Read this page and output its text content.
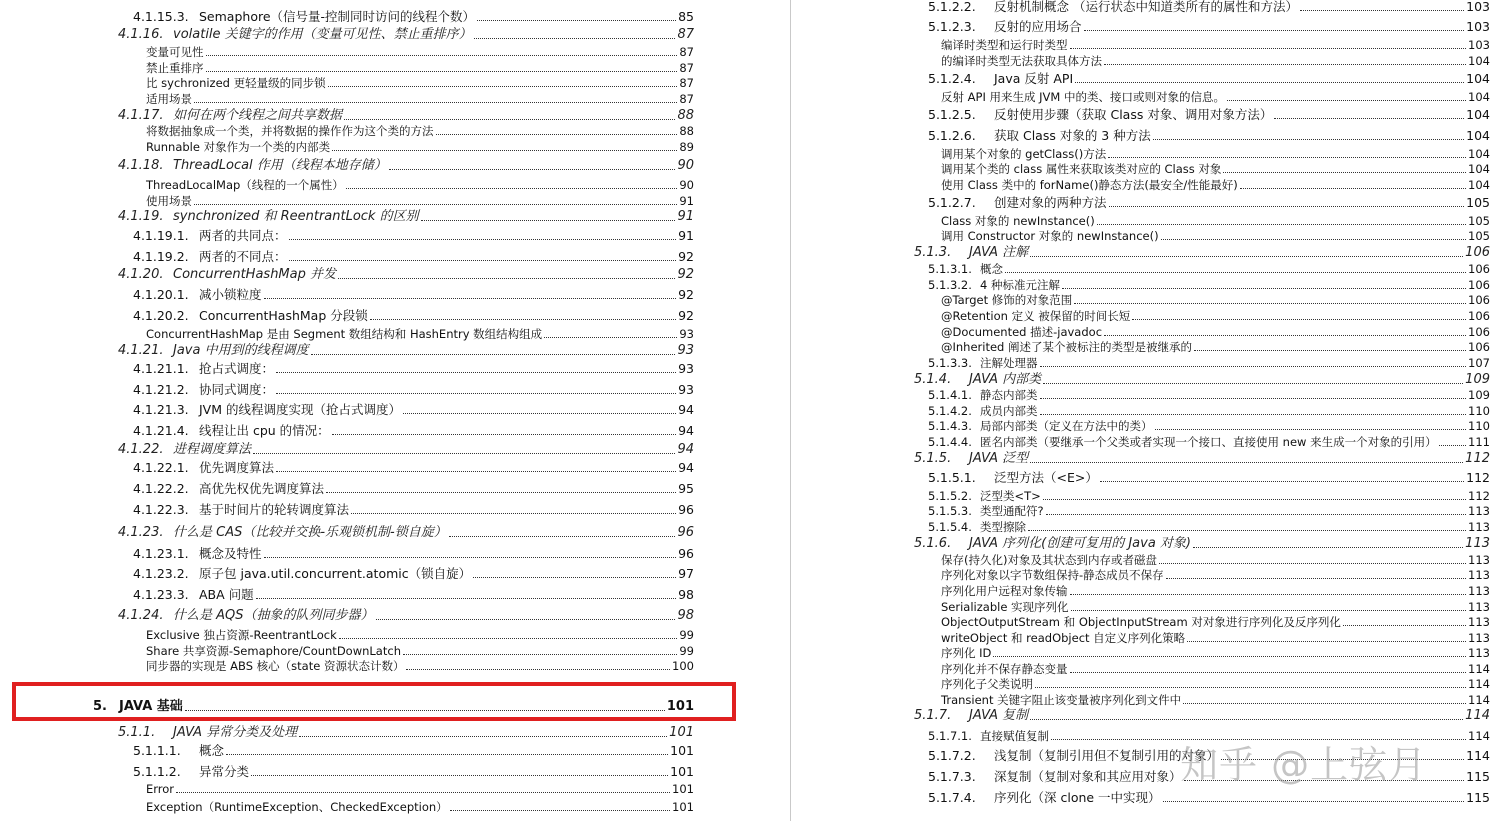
4.1.15.3. Semaphore（信号量-控制同时访问的线程个数）	85
4.1.16. volatile 关键字的作用（变量可见性、禁止重排序）	87
变量可见性	87
禁止重排序	87
比 sychronized 更轻量级的同步锁	87
适用场景	87
4.1.17. 如何在两个线程之间共享数据	88
将数据抽象成一个类，并将数据的操作作为这个类的方法	88
Runnable 对象作为一个类的内部类	89
4.1.18. ThreadLocal 作用（线程本地存储）	90
ThreadLocalMap（线程的一个属性）	90
使用场景	91
4.1.19. synchronized 和 ReentrantLock 的区别	91
4.1.19.1. 两者的共同点：	91
4.1.19.2. 两者的不同点：	92
4.1.20. ConcurrentHashMap 并发	92
4.1.20.1. 减小锁粒度	92
4.1.20.2. ConcurrentHashMap 分段锁	92
ConcurrentHashMap 是由 Segment 数组结构和 HashEntry 数组结构组成	93
4.1.21. Java 中用到的线程调度	93
4.1.21.1. 抢占式调度：	93
4.1.21.2. 协同式调度：	93
4.1.21.3. JVM 的线程调度实现（抢占式调度）	94
4.1.21.4. 线程让出 cpu 的情况：	94
4.1.22. 进程调度算法	94
4.1.22.1. 优先调度算法	94
4.1.22.2. 高优先权优先调度算法	95
4.1.22.3. 基于时间片的轮转调度算法	96
4.1.23. 什么是 CAS（比较并交换-乐观锁机制-锁自旋）	96
4.1.23.1. 概念及特性	96
4.1.23.2. 原子包 java.util.concurrent.atomic（锁自旋）	97
4.1.23.3. ABA 问题	98
4.1.24. 什么是 AQS（抽象的队列同步器）	98
Exclusive 独占资源-ReentrantLock	99
Share 共享资源-Semaphore/CountDownLatch	99
同步器的实现是 ABS 核心（state 资源状态计数）	100
5. JAVA 基础	101
5.1.1.	JAVA 异常分类及处理	101
5.1.1.1.	概念	101
5.1.1.2.	异常分类	101
Error	101
Exception（RuntimeException、CheckedException）	101
5.1.2.2.	反射机制概念 （运行状态中知道类所有的属性和方法）	103
5.1.2.3.	反射的应用场合	103
编译时类型和运行时类型	103
的编译时类型无法获取具体方法	104
5.1.2.4.	Java 反射 API	104
反射 API 用来生成 JVM 中的类、接口或则对象的信息。	104
5.1.2.5.	反射使用步骤（获取 Class 对象、调用对象方法）	104
5.1.2.6.	获取 Class 对象的 3 种方法	104
调用某个对象的 getClass()方法	104
调用某个类的 class 属性来获取该类对应的 Class 对象	104
使用 Class 类中的 forName()静态方法(最安全/性能最好)	104
5.1.2.7.	创建对象的两种方法	105
Class 对象的 newInstance()	105
调用 Constructor 对象的 newInstance()	105
5.1.3.	JAVA 注解	106
5.1.3.1. 概念	106
5.1.3.2. 4 种标准元注解	106
@Target 修饰的对象范围	106
@Retention 定义 被保留的时间长短	106
@Documented 描述-javadoc	106
@Inherited 阐述了某个被标注的类型是被继承的	106
5.1.3.3. 注解处理器	107
5.1.4.	JAVA 内部类	109
5.1.4.1. 静态内部类	109
5.1.4.2. 成员内部类	110
5.1.4.3. 局部内部类（定义在方法中的类）	110
5.1.4.4. 匿名内部类（要继承一个父类或者实现一个接口、直接使用 new 来生成一个对象的引用）	111
5.1.5.	JAVA 泛型	112
5.1.5.1.	泛型方法（<E>）	112
5.1.5.2. 泛型类<T>	112
5.1.5.3. 类型通配符?	113
5.1.5.4. 类型擦除	113
5.1.6.	JAVA 序列化(创建可复用的 Java 对象)	113
保存(持久化)对象及其状态到内存或者磁盘	113
序列化对象以字节数组保持-静态成员不保存	113
序列化用户远程对象传输	113
Serializable 实现序列化	113
ObjectOutputStream 和 ObjectInputStream 对对象进行序列化及反序列化	113
writeObject 和 readObject 自定义序列化策略	113
序列化 ID	113
序列化并不保存静态变量	114
序列化子父类说明	114
Transient 关键字阻止该变量被序列化到文件中	114
5.1.7.	JAVA 复制	114
5.1.7.1. 直接赋值复制	114
5.1.7.2.	浅复制（复制引用但不复制引用的对象）	114
5.1.7.3.	深复制（复制对象和其应用对象）	115
5.1.7.4.	序列化（深 clone 一中实现）	115
知乎 @上弦月
